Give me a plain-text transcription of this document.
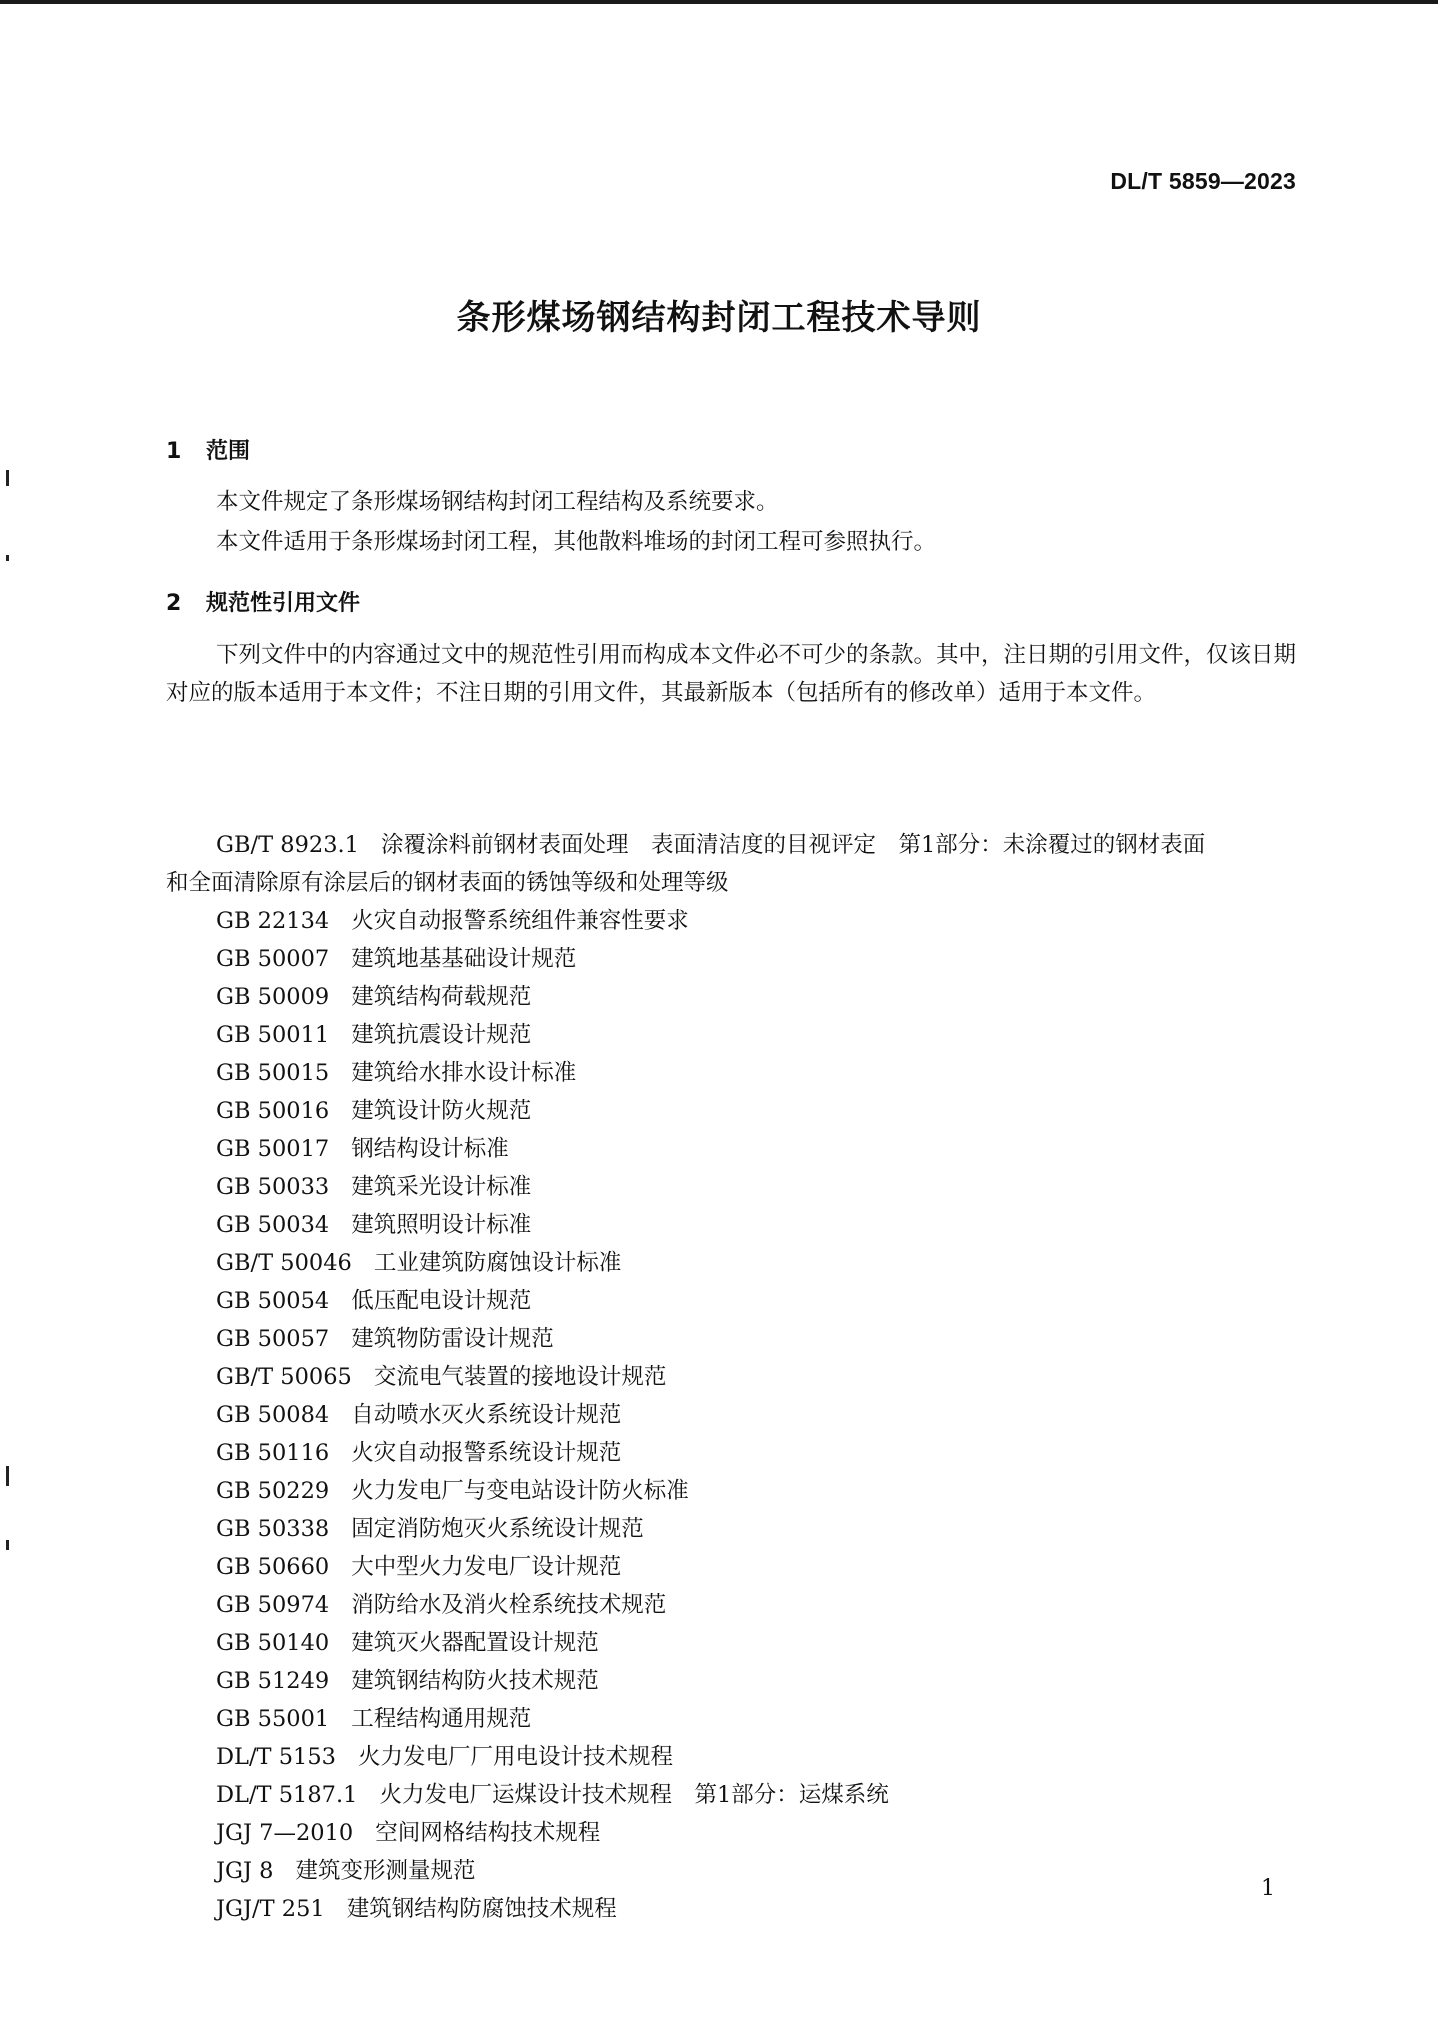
DL/T 5859—2023
条形煤场钢结构封闭工程技术导则
1 范围
本文件规定了条形煤场钢结构封闭工程结构及系统要求。
本文件适用于条形煤场封闭工程，其他散料堆场的封闭工程可参照执行。
2 规范性引用文件
下列文件中的内容通过文中的规范性引用而构成本文件必不可少的条款。其中，注日期的引用文件，仅该日期对应的版本适用于本文件；不注日期的引用文件，其最新版本（包括所有的修改单）适用于本文件。
GB/T 8923.1 涂覆涂料前钢材表面处理　表面清洁度的目视评定　第1部分：未涂覆过的钢材表面
和全面清除原有涂层后的钢材表面的锈蚀等级和处理等级
GB 22134 火灾自动报警系统组件兼容性要求
GB 50007 建筑地基基础设计规范
GB 50009 建筑结构荷载规范
GB 50011 建筑抗震设计规范
GB 50015 建筑给水排水设计标准
GB 50016 建筑设计防火规范
GB 50017 钢结构设计标准
GB 50033 建筑采光设计标准
GB 50034 建筑照明设计标准
GB/T 50046 工业建筑防腐蚀设计标准
GB 50054 低压配电设计规范
GB 50057 建筑物防雷设计规范
GB/T 50065 交流电气装置的接地设计规范
GB 50084 自动喷水灭火系统设计规范
GB 50116 火灾自动报警系统设计规范
GB 50229 火力发电厂与变电站设计防火标准
GB 50338 固定消防炮灭火系统设计规范
GB 50660 大中型火力发电厂设计规范
GB 50974 消防给水及消火栓系统技术规范
GB 50140 建筑灭火器配置设计规范
GB 51249 建筑钢结构防火技术规范
GB 55001 工程结构通用规范
DL/T 5153 火力发电厂厂用电设计技术规程
DL/T 5187.1 火力发电厂运煤设计技术规程　第1部分：运煤系统
JGJ 7—2010 空间网格结构技术规程
JGJ 8 建筑变形测量规范
JGJ/T 251 建筑钢结构防腐蚀技术规程
1
